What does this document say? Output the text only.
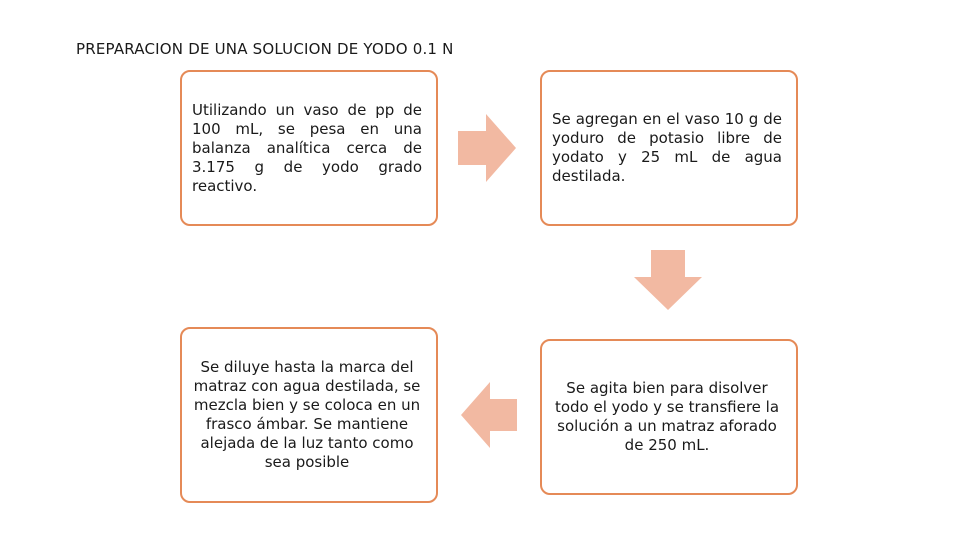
PREPARACION DE UNA SOLUCION DE YODO 0.1 N
Utilizando un vaso de pp de 100 mL, se pesa en una balanza analítica cerca de 3.175 g de yodo grado reactivo.
Se agregan en el vaso 10 g de yoduro de potasio libre de yodato y 25 mL de agua destilada.
Se agita bien para disolver todo el yodo y se transfiere la solución a un matraz aforado de 250 mL.
Se diluye hasta la marca del matraz con agua destilada, se mezcla bien y se coloca en un frasco ámbar. Se mantiene alejada de la luz tanto como sea posible
